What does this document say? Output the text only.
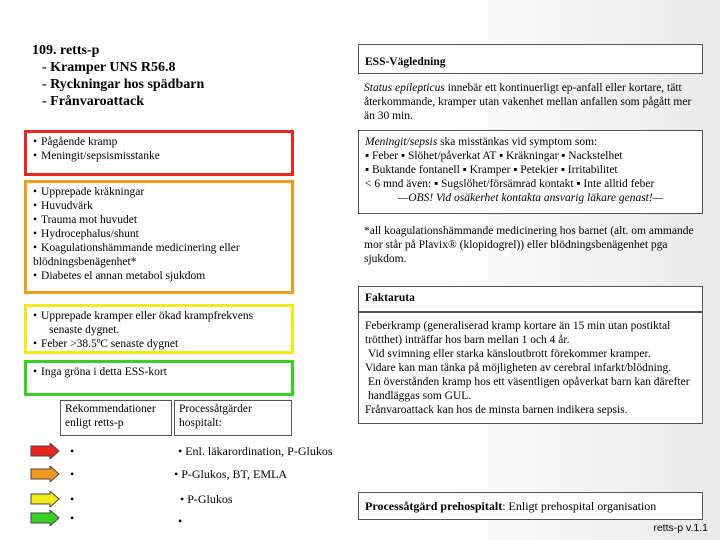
109. retts-p
- Kramper UNS R56.8
- Ryckningar hos spädbarn
- Frånvaroattack
• Pågående kramp
• Meningit/sepsismisstanke
• Upprepade kräkningar
• Huvudvärk
• Trauma mot huvudet
• Hydrocephalus/shunt
• Koagulationshämmande medicinering eller blödningsbenägenhet*
• Diabetes el annan metabol sjukdom
• Upprepade kramper eller ökad krampfrekvens
senaste dygnet.
• Feber >38.5ºC senaste dygnet
• Inga gröna i detta ESS-kort
Rekommendationer enligt retts-p
Processåtgärder hospitalt:
•	• Enl. läkarordination, P-Glukos
•	• P-Glukos, BT, EMLA
•	• P-Glukos
•	•
ESS-Vägledning
Status epilepticus innebär ett kontinuerligt ep-anfall eller kortare, tätt återkommande, kramper utan vakenhet mellan anfallen som pågått mer än 30 min.
Meningit/sepsis ska misstänkas vid symptom som:
▪ Feber ▪ Slöhet/påverkat AT ▪ Kräkningar ▪ Nackstelhet
▪ Buktande fontanell ▪ Kramper ▪ Petekier ▪ Irritabilitet
< 6 mnd även: ▪ Sugslöhet/försämrad kontakt ▪ Inte alltid feber
—OBS! Vid osäkerhet kontakta ansvarig läkare genast!—
*all koagulationshämmande medicinering hos barnet (alt. om ammande mor står på Plavix® (klopidogrel)) eller blödningsbenägenhet pga sjukdom.
Faktaruta
Feberkramp (generaliserad kramp kortare än 15 min utan postiktal trötthet) inträffar hos barn mellan 1 och 4 år.
Vid svimning eller starka känsloutbrott förekommer kramper.
Vidare kan man tänka på möjligheten av cerebral infarkt/blödning.
En överstånden kramp hos ett väsentligen opåverkat barn kan därefter handläggas som GUL.
Frånvaroattack kan hos de minsta barnen indikera sepsis.
Processåtgärd prehospitalt: Enligt prehospital organisation
retts-p v.1.1
